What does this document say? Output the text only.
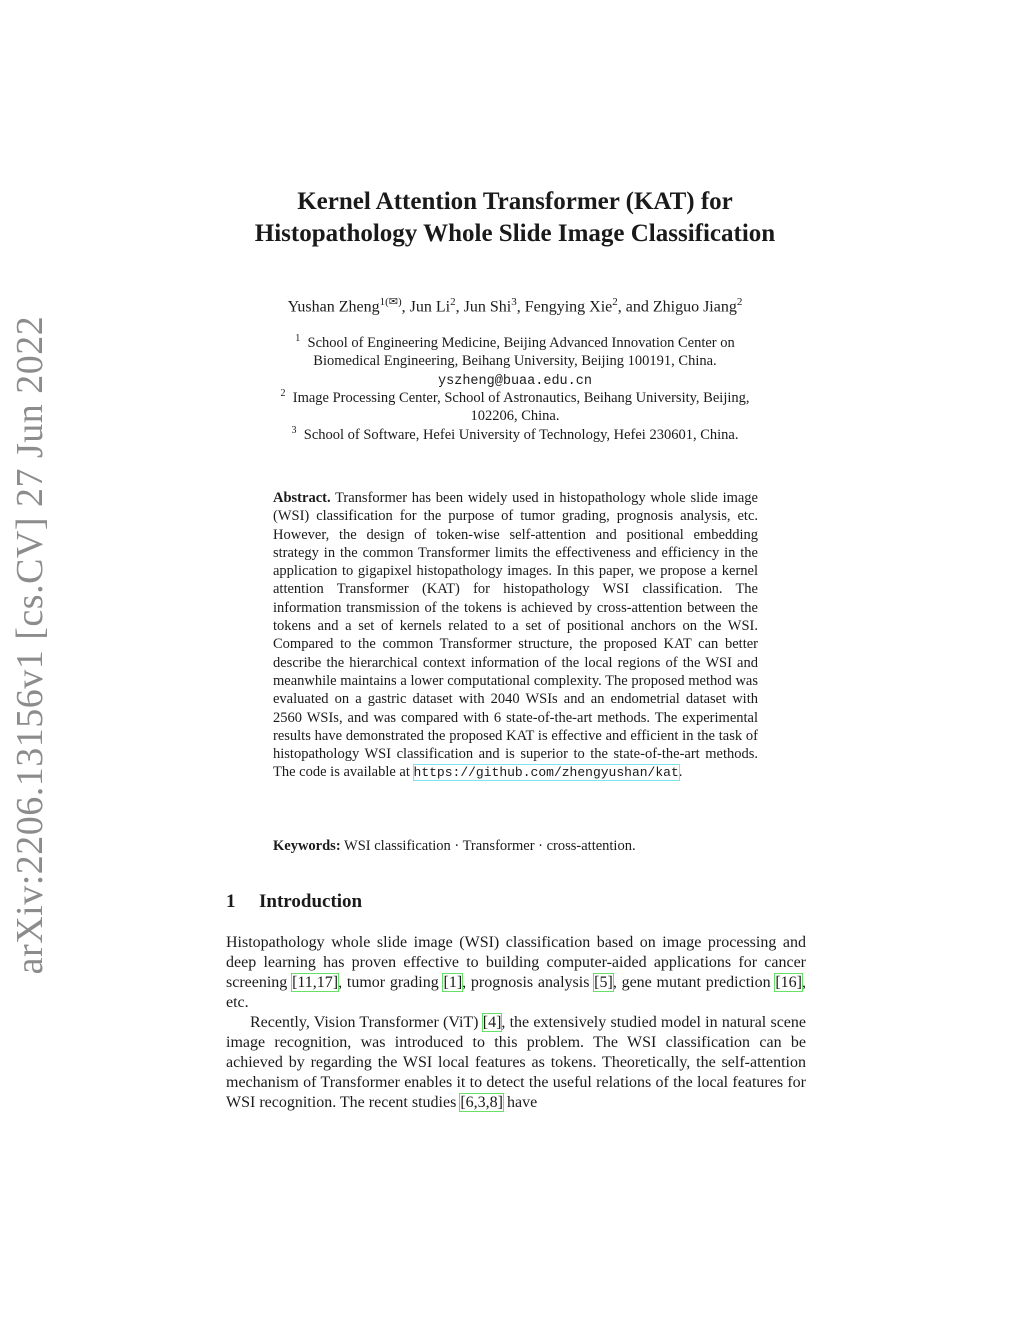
arXiv:2206.13156v1 [cs.CV] 27 Jun 2022
Kernel Attention Transformer (KAT) for
Histopathology Whole Slide Image Classification
Yushan Zheng$^{1(✉)}$, Jun Li$^2$, Jun Shi$^3$, Fengying Xie$^2$, and Zhiguo Jiang$^2$
$^1$ School of Engineering Medicine, Beijing Advanced Innovation Center on
Biomedical Engineering, Beihang University, Beijing 100191, China.
yszheng@buaa.edu.cn
$^2$ Image Processing Center, School of Astronautics, Beihang University, Beijing,
102206, China.
$^3$ School of Software, Hefei University of Technology, Hefei 230601, China.
Abstract. Transformer has been widely used in histopathology whole slide image (WSI) classification for the purpose of tumor grading, prognosis analysis, etc. However, the design of token-wise self-attention and positional embedding strategy in the common Transformer limits the effectiveness and efficiency in the application to gigapixel histopathology images. In this paper, we propose a kernel attention Transformer (KAT) for histopathology WSI classification. The information transmission of the tokens is achieved by cross-attention between the tokens and a set of kernels related to a set of positional anchors on the WSI. Compared to the common Transformer structure, the proposed KAT can better describe the hierarchical context information of the local regions of the WSI and meanwhile maintains a lower computational complexity. The proposed method was evaluated on a gastric dataset with 2040 WSIs and an endometrial dataset with 2560 WSIs, and was compared with 6 state-of-the-art methods. The experimental results have demonstrated the proposed KAT is effective and efficient in the task of histopathology WSI classification and is superior to the state-of-the-art methods. The code is available at https://github.com/zhengyushan/kat.
Keywords: WSI classification · Transformer · cross-attention.
1 Introduction

Histopathology whole slide image (WSI) classification based on image processing and deep learning has proven effective to building computer-aided applications for cancer screening [11,17], tumor grading [1], prognosis analysis [5], gene mutant prediction [16], etc.

Recently, Vision Transformer (ViT) [4], the extensively studied model in natural scene image recognition, was introduced to this problem. The WSI classification can be achieved by regarding the WSI local features as tokens. Theoretically, the self-attention mechanism of Transformer enables it to detect the useful relations of the local features for WSI recognition. The recent studies [6,3,8] have
